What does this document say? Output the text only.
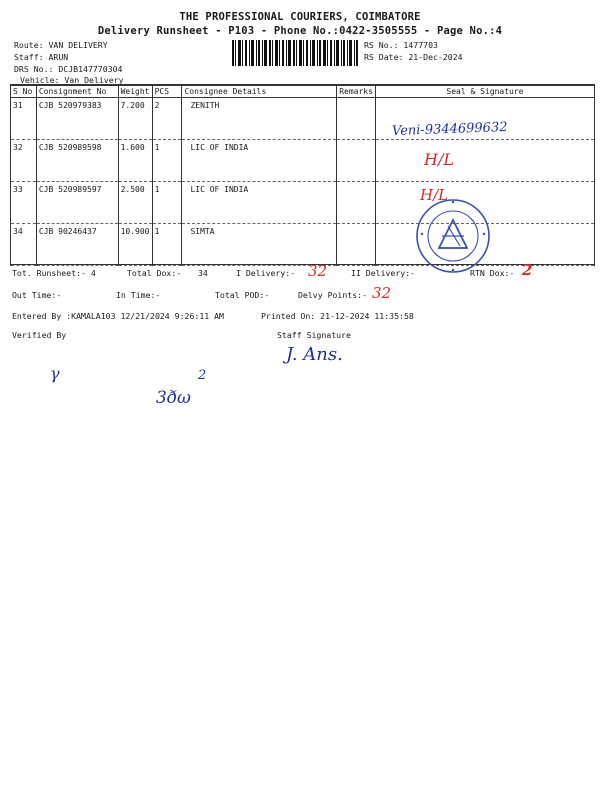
THE PROFESSIONAL COURIERS, COIMBATORE
Delivery Runsheet - P103 - Phone No.:0422-3505555 - Page No.:4
Route: VAN DELIVERY
Staff: ARUN
DRS No.: DCJB147770304
Vehicle: Van Delivery
RS No.: 1477703
RS Date: 21-Dec-2024
S No	Consignment No	Weight	PCS	Consignee Details	Remarks	Seal & Signature
31	CJB 520979383	7.200	2	ZENITH		
32	CJB 520989598	1.600	1	LIC OF INDIA		
33	CJB 520989597	2.500	1	LIC OF INDIA		
34	CJB 90246437	10.900	1	SIMTA		
Tot. Runsheet:- 4	Total Dox:- 34	I Delivery:-	II Delivery:-	RTN Dox:-
Out Time:-	In Time:-	Total POD:-	Delvy Points:-
Entered By :KAMALA103 12/21/2024 9:26:11 AM	Printed On: 21-12-2024 11:35:58
Verified By	Staff Signature
Veni-9344699632
H/L
H/L
32	2
32
J. Ans.
γ	2
3ðω
